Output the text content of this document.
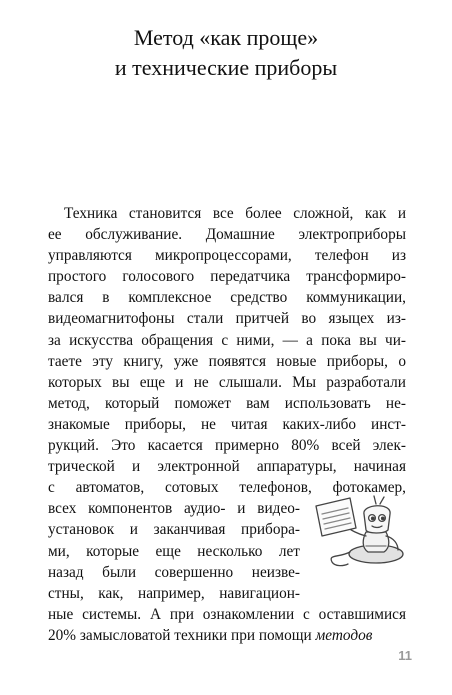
Метод «как проще»
и технические приборы
Техника становится все более сложной, как и
ее обслуживание. Домашние электроприборы
управляются микропроцессорами, телефон из
простого голосового передатчика трансформиро-
вался в комплексное средство коммуникации,
видеомагнитофоны стали притчей во языцех из-
за искусства обращения с ними, — а пока вы чи-
таете эту книгу, уже появятся новые приборы, о
которых вы еще и не слышали. Мы разработали
метод, который поможет вам использовать не-
знакомые приборы, не читая каких-либо инст-
рукций. Это касается примерно 80% всей элек-
трической и электронной аппаратуры, начиная
с автоматов, сотовых телефонов, фотокамер,
всех компонентов аудио- и видео-
установок и заканчивая прибора-
ми, которые еще несколько лет
назад были совершенно неизве-
стны, как, например, навигацион-
ные системы. А при ознакомлении с оставшимися
20% замысловатой техники при помощи методов
11
